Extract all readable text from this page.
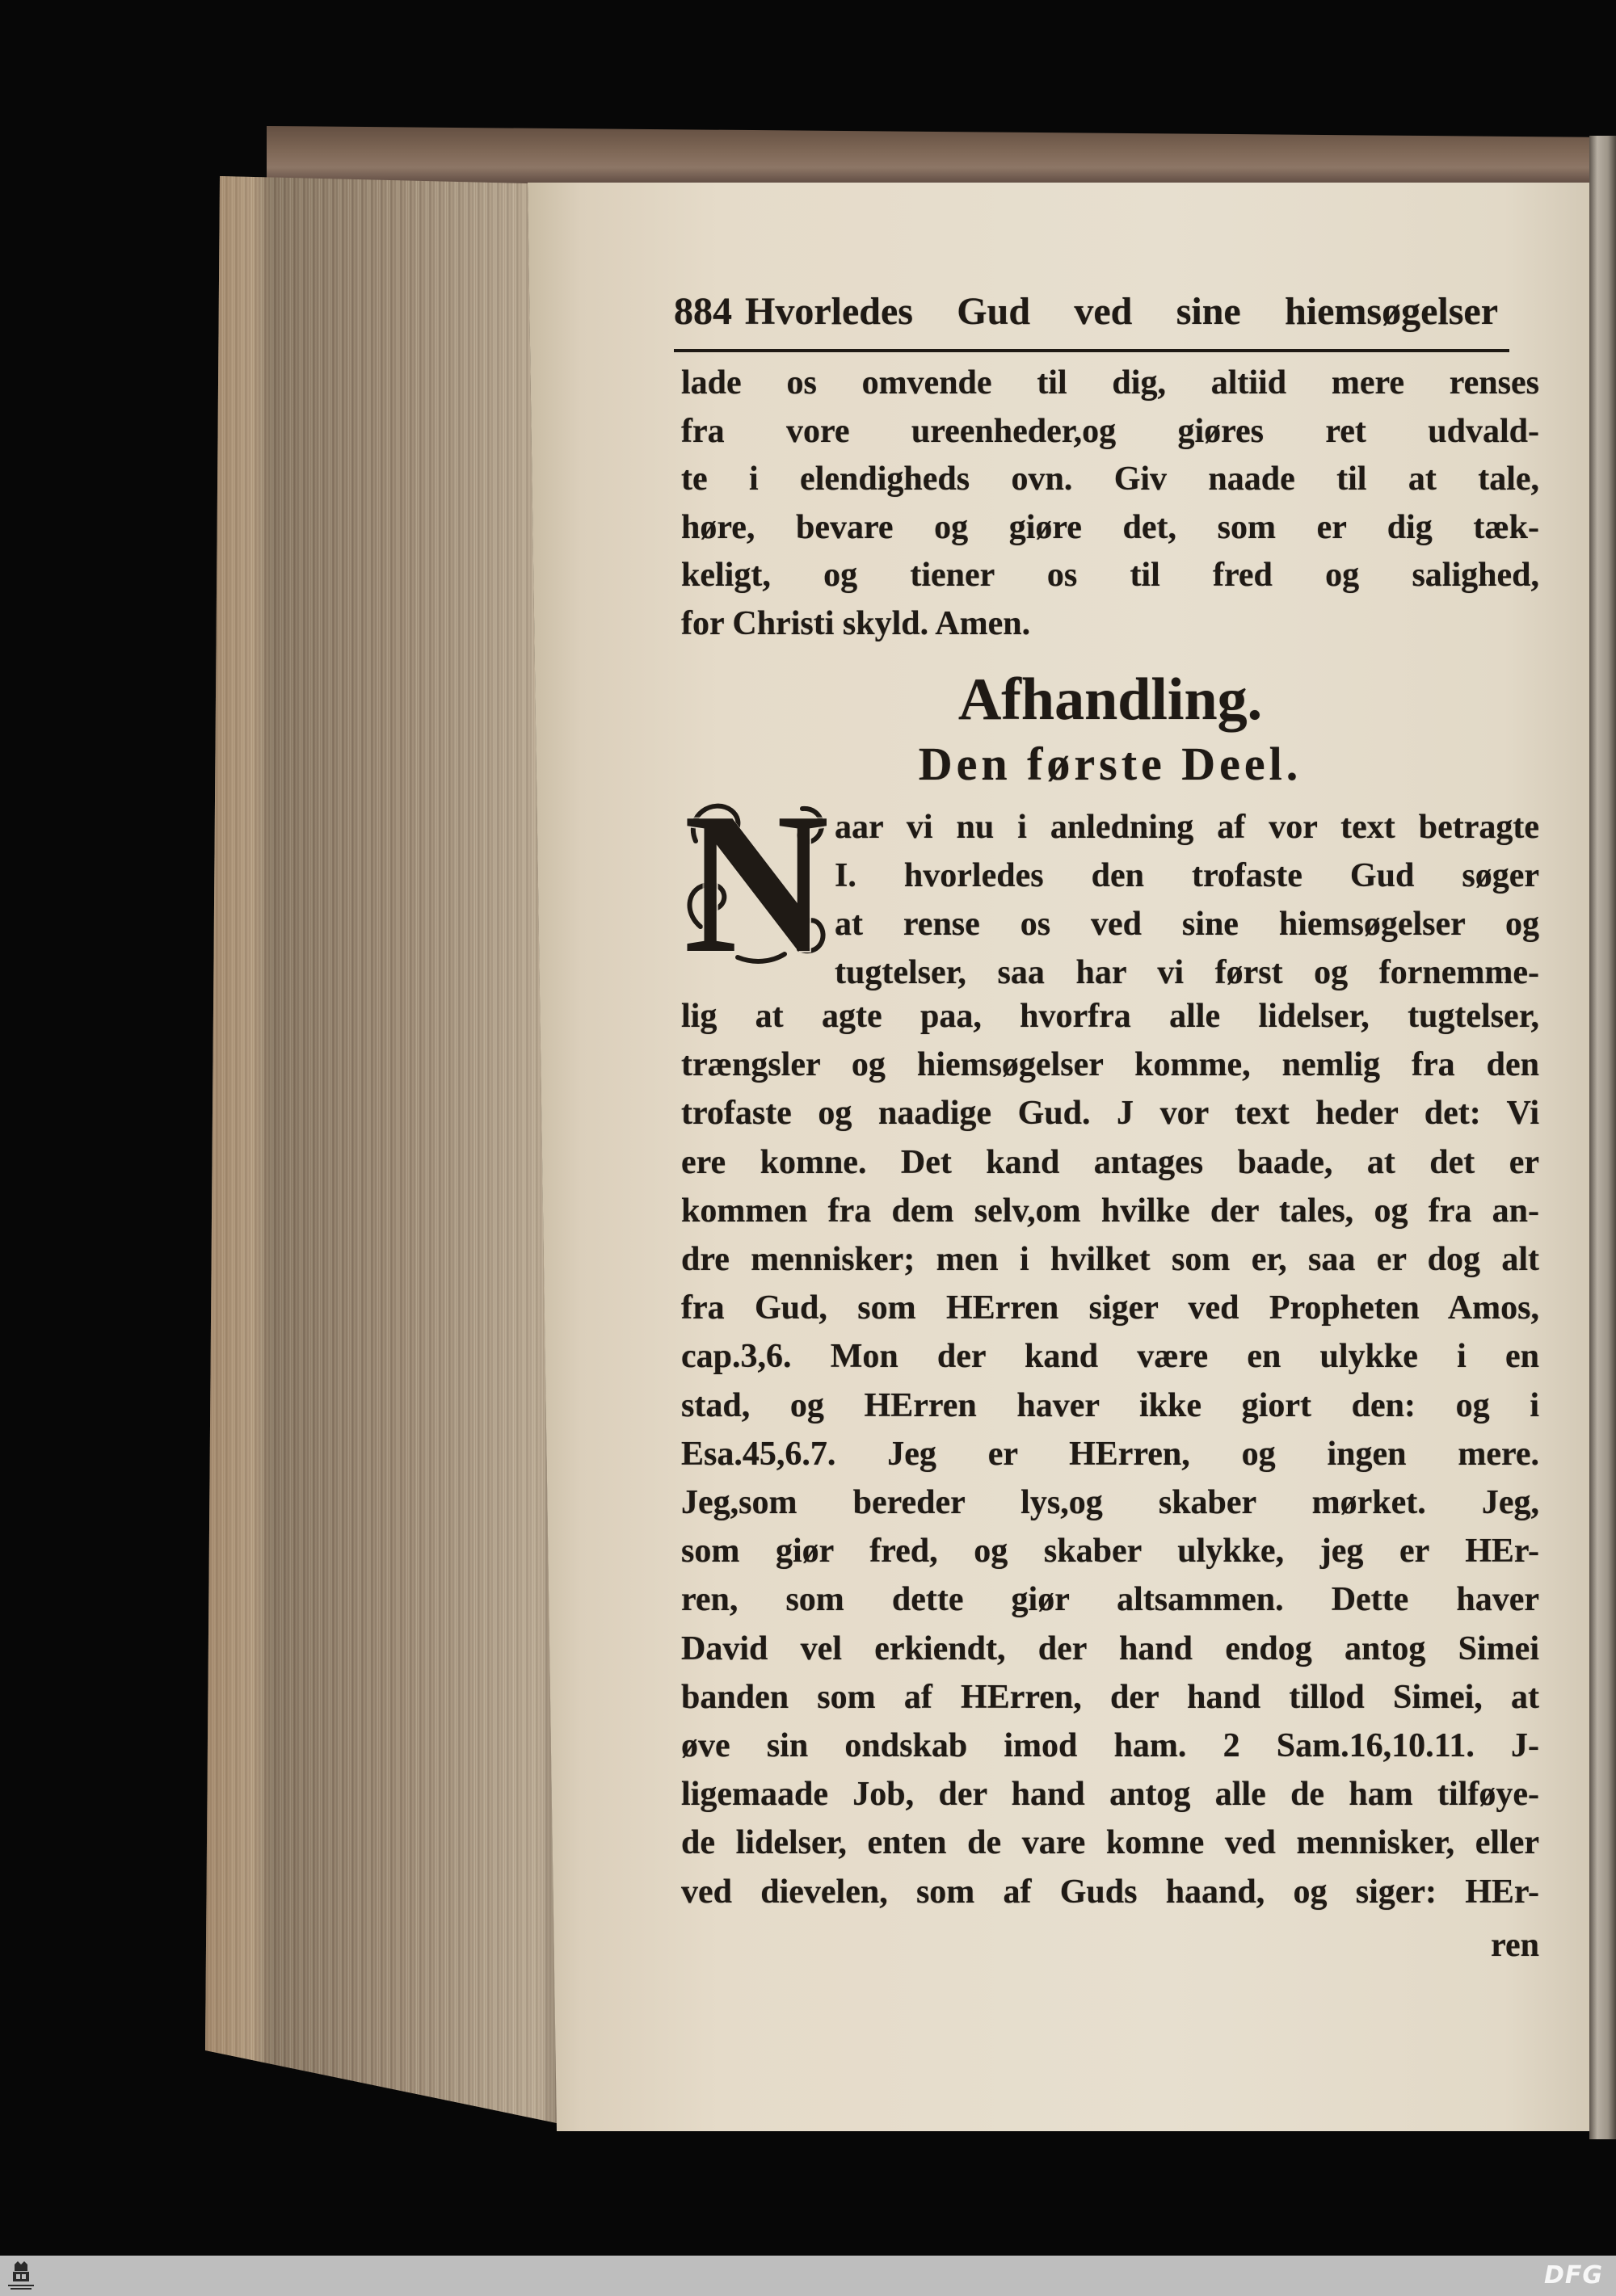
884 Hvorledes Gud ved sine hiemsøgelser
lade os omvende til dig, altiid mere renses
fra vore ureenheder,og giøres ret udvald-
te i elendigheds ovn. Giv naade til at tale,
høre, bevare og giøre det, som er dig tæk-
keligt, og tiener os til fred og salighed,
for Christi skyld. Amen.
Afhandling.
Den første Deel.
N aar vi nu i anledning af vor text betragte
I. hvorledes den trofaste Gud søger
at rense os ved sine hiemsøgelser og
tugtelser, saa har vi først og fornemme-
lig at agte paa, hvorfra alle lidelser, tugtelser,
trængsler og hiemsøgelser komme, nemlig fra den
trofaste og naadige Gud. J vor text heder det: Vi
ere komne. Det kand antages baade, at det er
kommen fra dem selv,om hvilke der tales, og fra an-
dre mennisker; men i hvilket som er, saa er dog alt
fra Gud, som HErren siger ved Propheten Amos,
cap.3,6. Mon der kand være en ulykke i en
stad, og HErren haver ikke giort den: og i
Esa.45,6.7. Jeg er HErren, og ingen mere.
Jeg,som bereder lys,og skaber mørket. Jeg,
som giør fred, og skaber ulykke, jeg er HEr-
ren, som dette giør altsammen. Dette haver
David vel erkiendt, der hand endog antog Simei
banden som af HErren, der hand tillod Simei, at
øve sin ondskab imod ham. 2 Sam.16,10.11. J-
ligemaade Job, der hand antog alle de ham tilføye-
de lidelser, enten de vare komne ved mennisker, eller
ved dievelen, som af Guds haand, og siger: HEr-
ren
DFG
